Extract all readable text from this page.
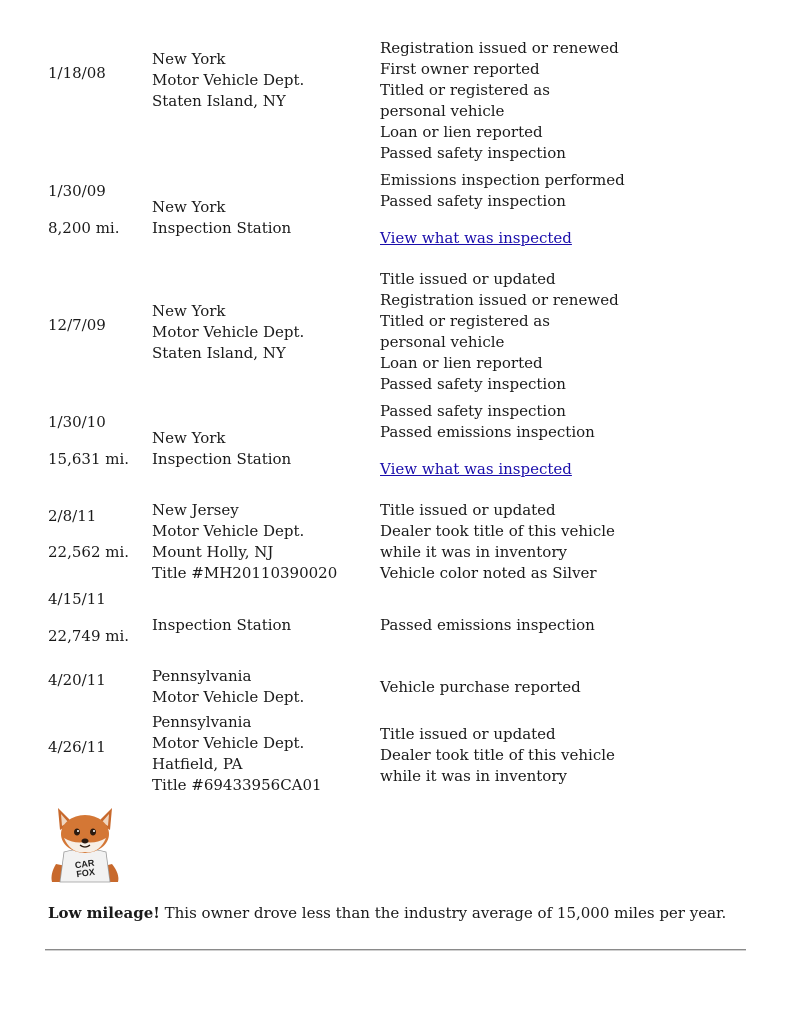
1/18/08
New York
Motor Vehicle Dept.
Staten Island, NY
Registration issued or renewed
First owner reported
Titled or registered as
personal vehicle
Loan or lien reported
Passed safety inspection
1/30/09
8,200 mi.
New York
Inspection Station
Emissions inspection performed
Passed safety inspection
View what was inspected
12/7/09
New York
Motor Vehicle Dept.
Staten Island, NY
Title issued or updated
Registration issued or renewed
Titled or registered as
personal vehicle
Loan or lien reported
Passed safety inspection
1/30/10
15,631 mi.
New York
Inspection Station
Passed safety inspection
Passed emissions inspection
View what was inspected
2/8/11
22,562 mi.
New Jersey
Motor Vehicle Dept.
Mount Holly, NJ
Title #MH20110390020
Title issued or updated
Dealer took title of this vehicle
while it was in inventory
Vehicle color noted as Silver
4/15/11
22,749 mi.
Inspection Station	Passed emissions inspection
4/20/11	Pennsylvania
Motor Vehicle Dept.
Vehicle purchase reported
4/26/11
Pennsylvania
Motor Vehicle Dept.
Hatfield, PA
Title #69433956CA01
Title issued or updated
Dealer took title of this vehicle
while it was in inventory
CAR
FOX
Low mileage! This owner drove less than the industry average of 15,000 miles per year.
